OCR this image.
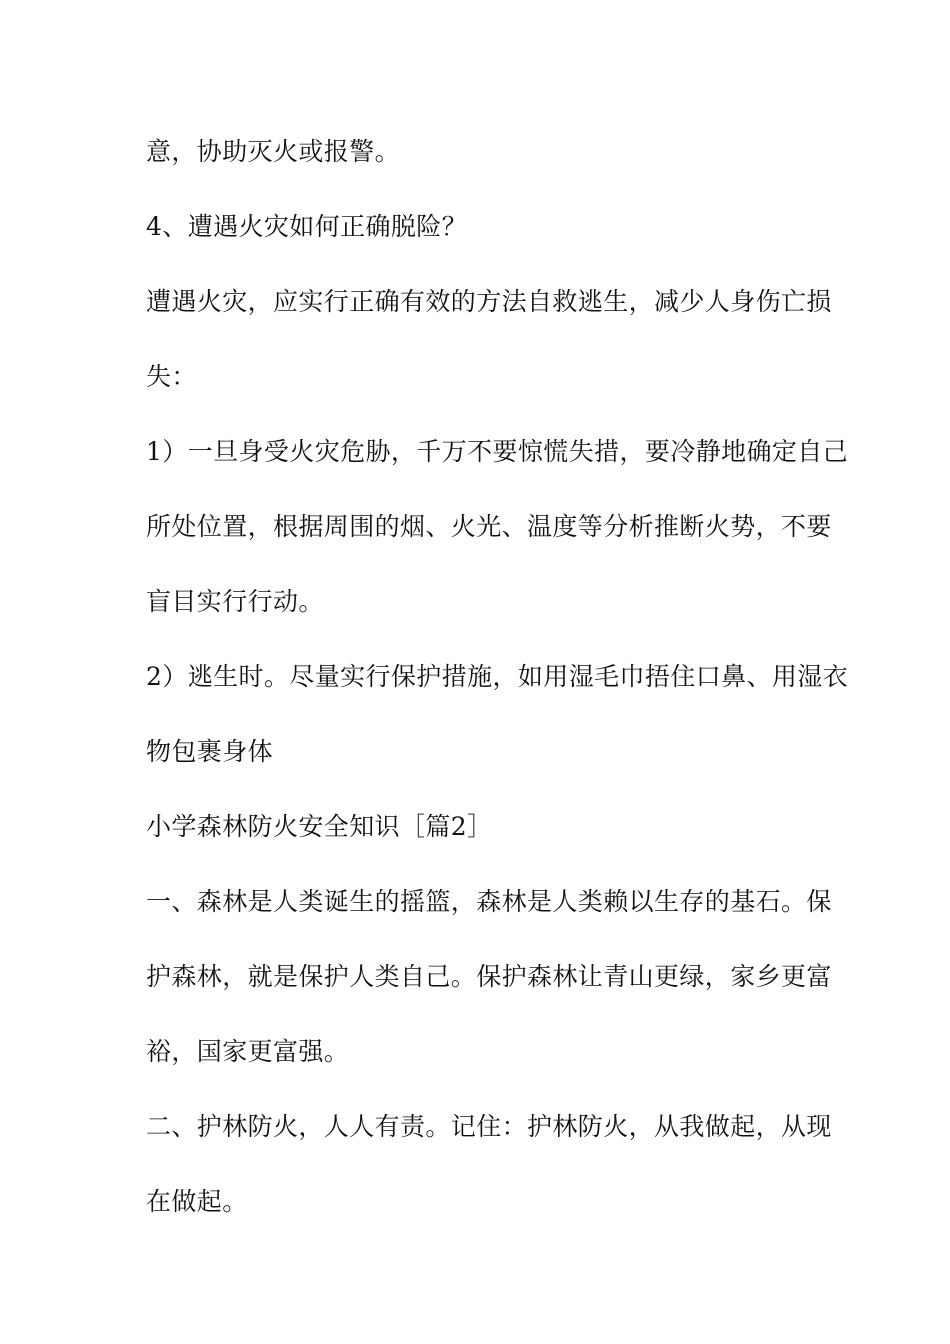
意，协助灭火或报警。
4、遭遇火灾如何正确脱险？
遭遇火灾，应实行正确有效的方法自救逃生，减少人身伤亡损
失：
1）一旦身受火灾危胁，千万不要惊慌失措，要冷静地确定自己
所处位置，根据周围的烟、火光、温度等分析推断火势，不要
盲目实行行动。
2）逃生时。尽量实行保护措施，如用湿毛巾捂住口鼻、用湿衣
物包裹身体
小学森林防火安全知识［篇2］
一、森林是人类诞生的摇篮，森林是人类赖以生存的基石。保
护森林，就是保护人类自己。保护森林让青山更绿，家乡更富
裕，国家更富强。
二、护林防火，人人有责。记住：护林防火，从我做起，从现
在做起。
